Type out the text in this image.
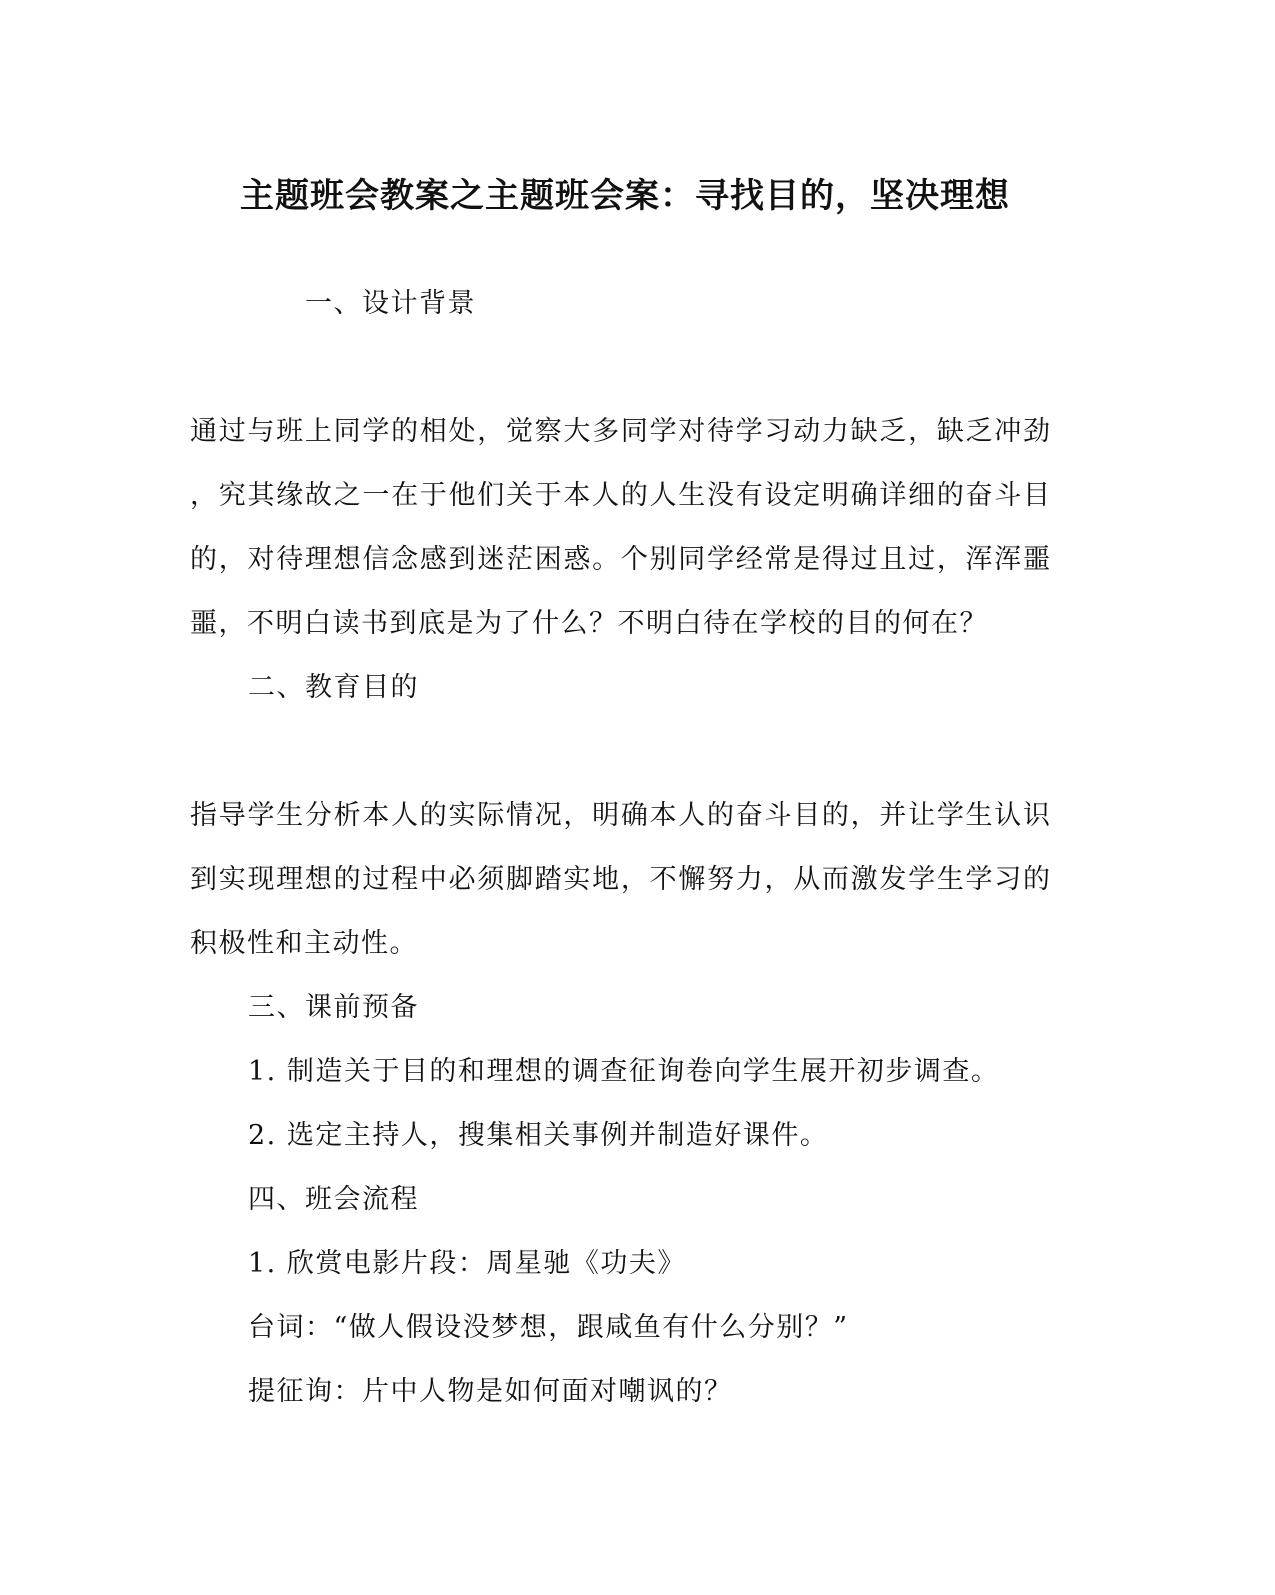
主题班会教案之主题班会案：寻找目的，坚决理想
一、设计背景
通过与班上同学的相处，觉察大多同学对待学习动力缺乏，缺乏冲劲
，究其缘故之一在于他们关于本人的人生没有设定明确详细的奋斗目
的，对待理想信念感到迷茫困惑。个别同学经常是得过且过，浑浑噩
噩，不明白读书到底是为了什么？不明白待在学校的目的何在？
二、教育目的
指导学生分析本人的实际情况，明确本人的奋斗目的，并让学生认识
到实现理想的过程中必须脚踏实地，不懈努力，从而激发学生学习的
积极性和主动性。
三、课前预备
1. 制造关于目的和理想的调查征询卷向学生展开初步调查。
2. 选定主持人，搜集相关事例并制造好课件。
四、班会流程
1. 欣赏电影片段：周星驰《功夫》
台词：“做人假设没梦想，跟咸鱼有什么分别？”
提征询：片中人物是如何面对嘲讽的？
